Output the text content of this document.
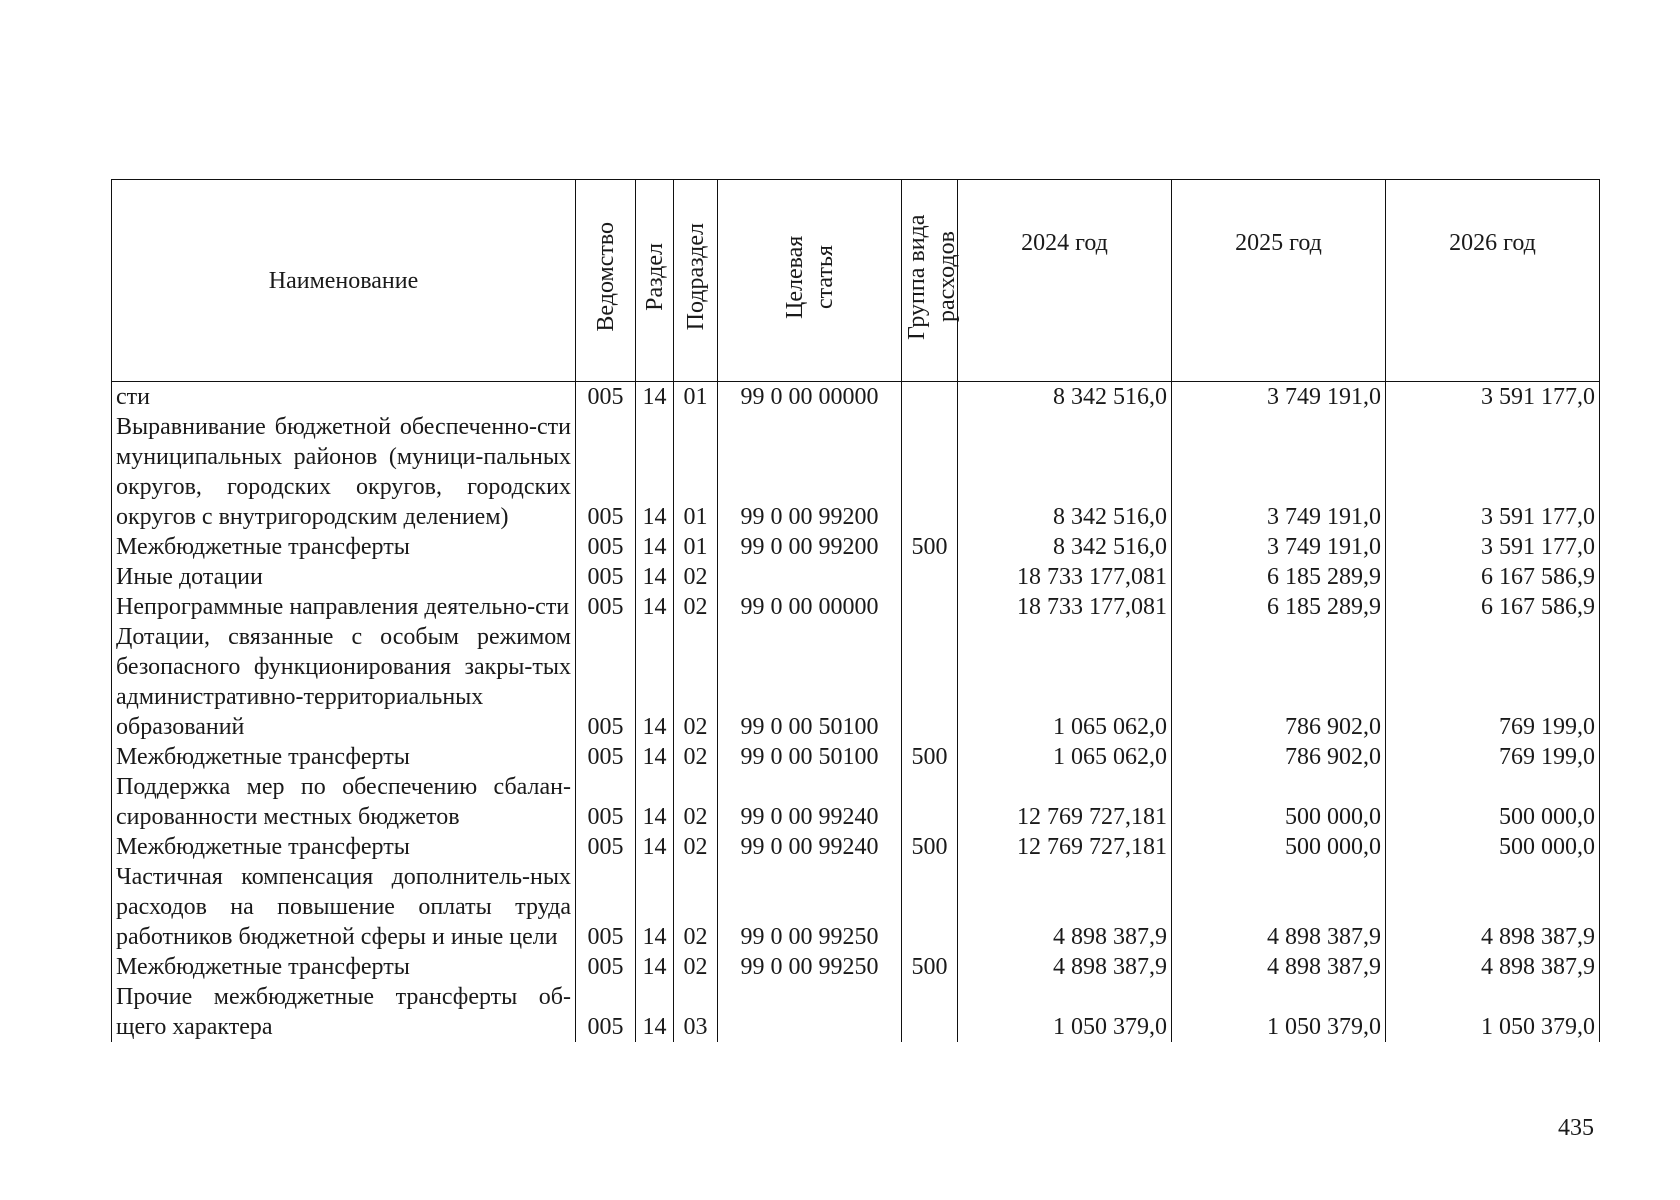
Наименование	Ведомство	Раздел	Подраздел	Целевая статья	Группа вида расходов	2024 год	2025 год	2026 год
сти	005	14	01	99 0 00 00000		8 342 516,0	3 749 191,0	3 591 177,0
Выравнивание бюджетной обеспеченно-сти муниципальных районов (муници-пальных округов, городских округов, городских округов с внутригородским делением)	005	14	01	99 0 00 99200		8 342 516,0	3 749 191,0	3 591 177,0
Межбюджетные трансферты	005	14	01	99 0 00 99200	500	8 342 516,0	3 749 191,0	3 591 177,0
Иные дотации	005	14	02			18 733 177,081	6 185 289,9	6 167 586,9
Непрограммные направления деятельно-сти	005	14	02	99 0 00 00000		18 733 177,081	6 185 289,9	6 167 586,9
Дотации, связанные с особым режимом безопасного функционирования закры-тых административно-территориальных образований	005	14	02	99 0 00 50100		1 065 062,0	786 902,0	769 199,0
Межбюджетные трансферты	005	14	02	99 0 00 50100	500	1 065 062,0	786 902,0	769 199,0
Поддержка мер по обеспечению сбалан-сированности местных бюджетов	005	14	02	99 0 00 99240		12 769 727,181	500 000,0	500 000,0
Межбюджетные трансферты	005	14	02	99 0 00 99240	500	12 769 727,181	500 000,0	500 000,0
Частичная компенсация дополнитель-ных расходов на повышение оплаты труда работников бюджетной сферы и иные цели	005	14	02	99 0 00 99250		4 898 387,9	4 898 387,9	4 898 387,9
Межбюджетные трансферты	005	14	02	99 0 00 99250	500	4 898 387,9	4 898 387,9	4 898 387,9
Прочие межбюджетные трансферты об-щего характера	005	14	03			1 050 379,0	1 050 379,0	1 050 379,0
435
